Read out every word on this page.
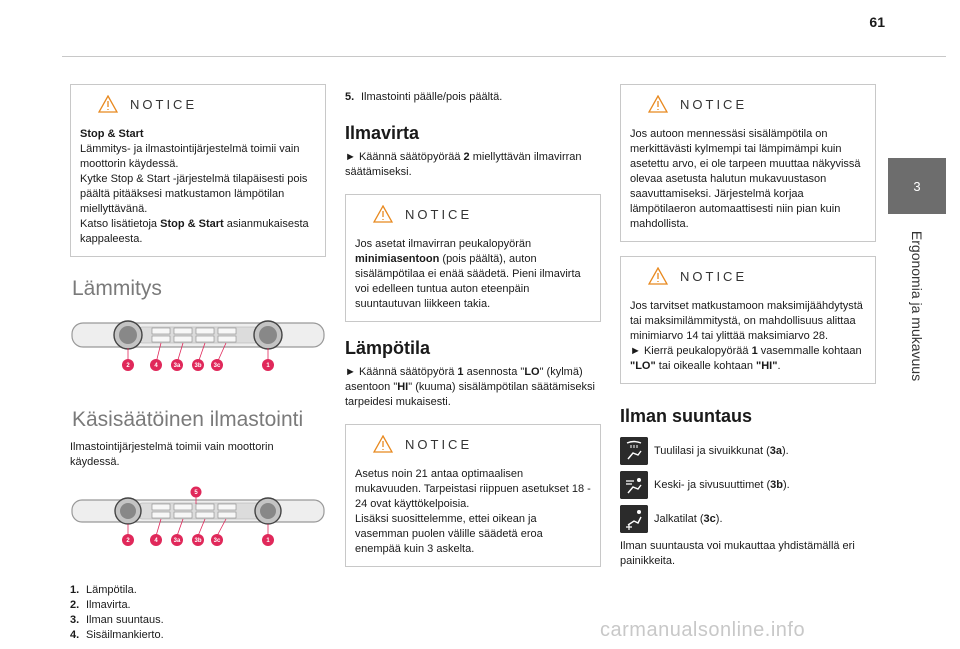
61
3
Ergonomia ja mukavuus
NOTICE

Stop & Start

Lämmitys- ja ilmastointijärjestelmä toimii vain moottorin käydessä.

Kytke Stop & Start -järjestelmä tilapäisesti pois päältä pitääksesi matkustamon lämpötilan miellyttävänä.

Katso lisätietoja Stop & Start asianmukaisesta kappaleesta.

Lämmitys
2	4	3a 3b 3c	1
Käsisäätöinen ilmastointi

Ilmastointijärjestelmä toimii vain moottorin käydessä.

5
2	4	3a 3b 3c	1
1. Lämpötila.
2. Ilmavirta.
3. Ilman suuntaus.
4. Sisäilmankierto.
5. Ilmastointi päälle/pois päältä.
Ilmavirta

► Käännä säätöpyörää 2 miellyttävän ilmavirran säätämiseksi.

NOTICE
Jos asetat ilmavirran peukalopyörän minimiasentoon (pois päältä), auton sisälämpötilaa ei enää säädetä. Pieni ilmavirta voi edelleen tuntua auton eteenpäin suuntautuvan liikkeen takia.
Lämpötila

► Käännä säätöpyörä 1 asennosta "LO" (kylmä) asentoon "HI" (kuuma) sisälämpötilan säätämiseksi tarpeidesi mukaisesti.

NOTICE

Asetus noin 21 antaa optimaalisen mukavuuden. Tarpeistasi riippuen asetukset 18 - 24 ovat käyttökelpoisia.

Lisäksi suosittelemme, ettei oikean ja vasemman puolen välille säädetä eroa enempää kuin 3 askelta.

NOTICE
Jos autoon mennessäsi sisälämpötila on merkittävästi kylmempi tai lämpimämpi kuin asetettu arvo, ei ole tarpeen muuttaa näkyvissä olevaa asetusta halutun mukavuustason saavuttamiseksi. Järjestelmä korjaa lämpötilaeron automaattisesti niin pian kuin mahdollista.
NOTICE

Jos tarvitset matkustamoon maksimijäähdytystä tai maksimilämmitystä, on mahdollisuus alittaa minimiarvo 14 tai ylittää maksimiarvo 28.

► Kierrä peukalopyörää 1 vasemmalle kohtaan "LO" tai oikealle kohtaan "HI".

Ilman suuntaus

Tuulilasi ja sivuikkunat (3a).

Keski- ja sivusuuttimet (3b).

Jalkatilat (3c).

Ilman suuntausta voi mukauttaa yhdistämällä eri painikkeita.

carmanualsonline.info
